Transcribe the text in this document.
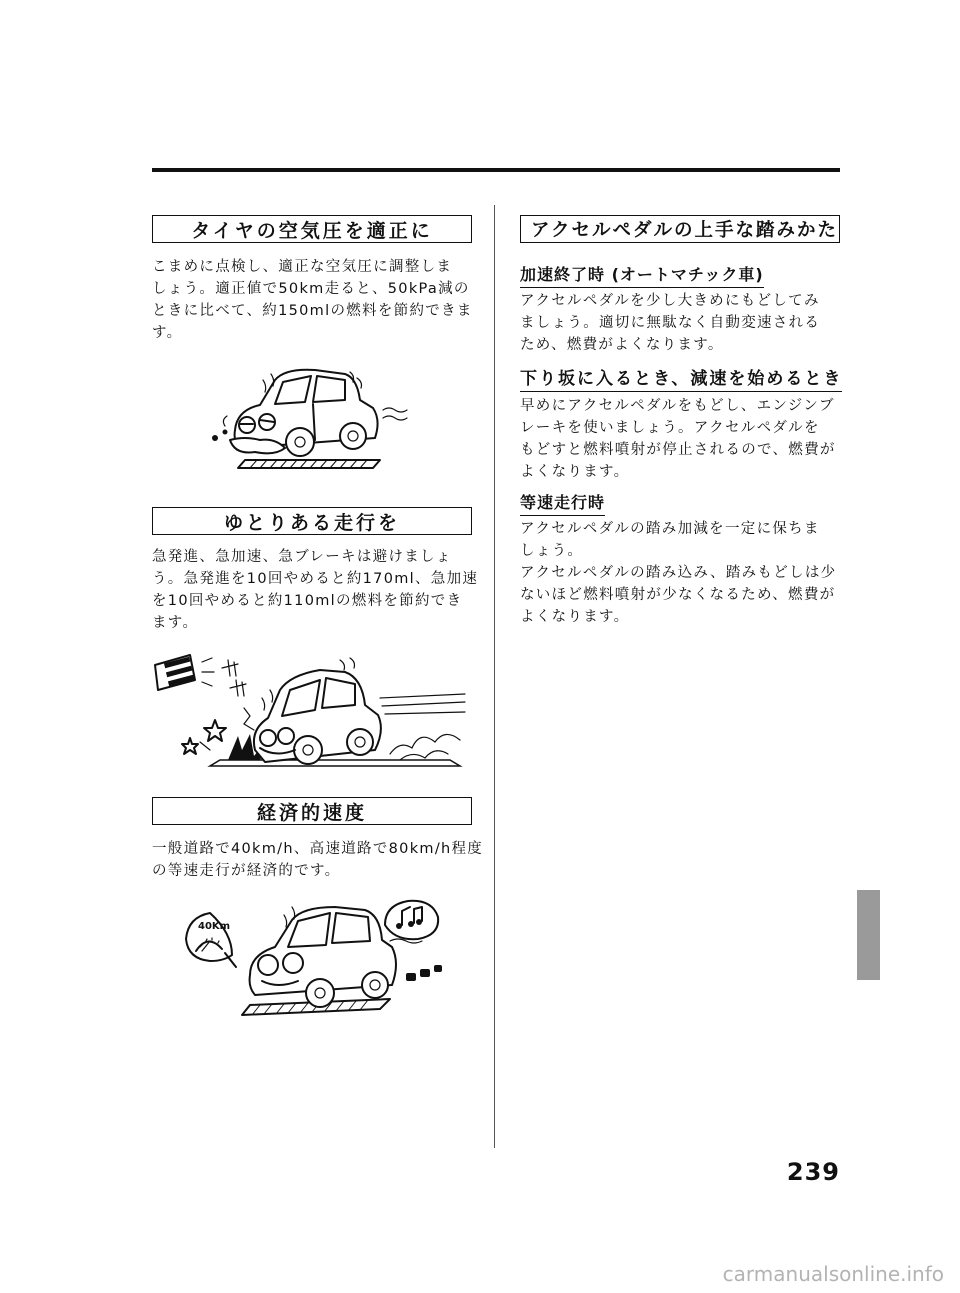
タイヤの空気圧を適正に
こまめに点検し、適正な空気圧に調整しま
しょう。適正値で50km走ると、50kPa減の
ときに比べて、約150mlの燃料を節約できま
す。
ゆとりある走行を
急発進、急加速、急ブレーキは避けましょ
う。急発進を10回やめると約170ml、急加速
を10回やめると約110mlの燃料を節約でき
ます。
経済的速度
一般道路で40km/h、高速道路で80km/h程度
の等速走行が経済的です。
40Km
アクセルペダルの上手な踏みかた
加速終了時 (オートマチック車)
アクセルペダルを少し大きめにもどしてみ
ましょう。適切に無駄なく自動変速される
ため、燃費がよくなります。
下り坂に入るとき、減速を始めるとき
早めにアクセルペダルをもどし、エンジンブ
レーキを使いましょう。アクセルペダルを
もどすと燃料噴射が停止されるので、燃費が
よくなります。
等速走行時
アクセルペダルの踏み加減を一定に保ちま
しょう。
アクセルペダルの踏み込み、踏みもどしは少
ないほど燃料噴射が少なくなるため、燃費が
よくなります。
239
carmanualsonline.info
